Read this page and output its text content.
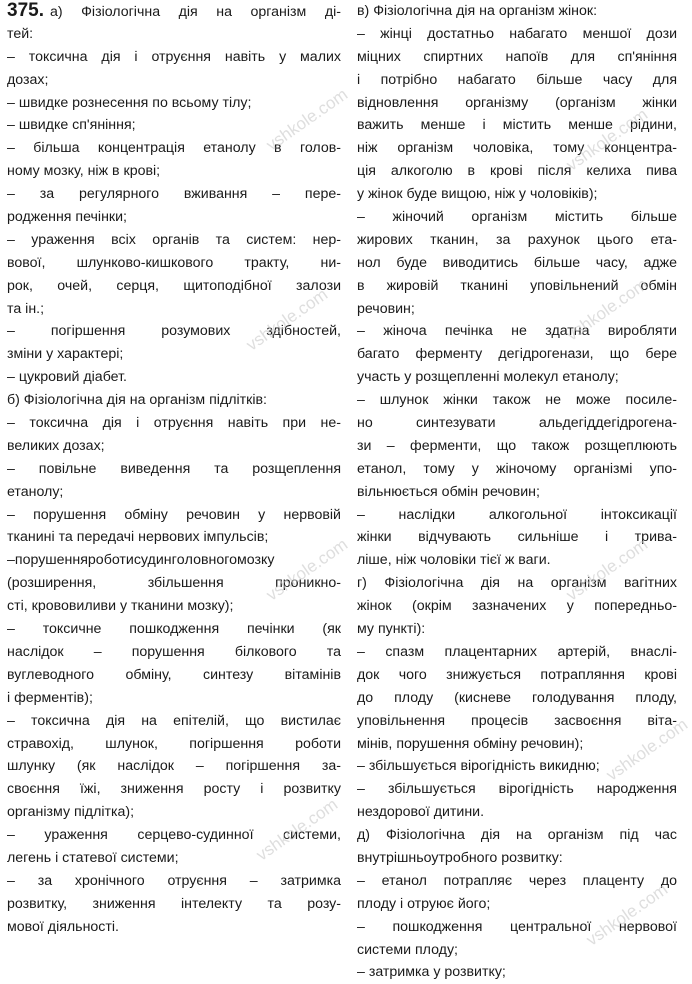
375. а) Фізіологічна дія на організм ді-
тей:
– токсична дія і отруєння навіть у малих
дозах;
– швидке рознесення по всьому тілу;
– швидке сп'яніння;
– більша концентрація етанолу в голов-
ному мозку, ніж в крові;
– за регулярного вживання – пере-
родження печінки;
– ураження всіх органів та систем: нер-
вової, шлунково-кишкового тракту, ни-
рок, очей, серця, щитоподібної залози
та ін.;
– погіршення розумових здібностей,
зміни у характері;
– цукровий діабет.
б) Фізіологічна дія на організм підлітків:
– токсична дія і отруєння навіть при не-
великих дозах;
– повільне виведення та розщеплення
етанолу;
– порушення обміну речовин у нервовій
тканині та передачі нервових імпульсів;
–порушенняроботисудингoловногомозку
(розширення, збільшення проникно-
сті, крововиливи у тканини мозку);
– токсичне пошкодження печінки (як
наслідок – порушення білкового та
вуглеводного обміну, синтезу вітамінів
і ферментів);
– токсична дія на епітелій, що вистилає
стравохід, шлунок, погіршення роботи
шлунку (як наслідок – погіршення за-
своєння їжі, зниження росту і розвитку
організму підлітка);
– ураження серцево-судинної системи,
легень і статевої системи;
– за хронічного отруєння – затримка
розвитку, зниження інтелекту та розу-
мової діяльності.
в) Фізіологічна дія на організм жінок:
– жінці достатньо набагато меншої дози
міцних спиртних напоїв для сп'яніння
і потрібно набагато більше часу для
відновлення організму (організм жінки
важить менше і містить менше рідини,
ніж організм чоловіка, тому концентра-
ція алкоголю в крові після келиха пива
у жінок буде вищою, ніж у чоловіків);
– жіночий організм містить більше
жирових тканин, за рахунок цього ета-
нол буде виводитись більше часу, адже
в жировій тканині уповільнений обмін
речовин;
– жіноча печінка не здатна виробляти
багато ферменту дегідрогенази, що бере
участь у розщепленні молекул етанолу;
– шлунок жінки також не може посиле-
но синтезувати альдегіддегідрогена-
зи – ферменти, що також розщеплюють
етанол, тому у жіночому організмі упо-
вільнюється обмін речовин;
– наслідки алкогольної інтоксикації
жінки відчувають сильніше і трива-
ліше, ніж чоловіки тієї ж ваги.
г) Фізіологічна дія на організм вагітних
жінок (окрім зазначених у попередньо-
му пункті):
– спазм плацентарних артерій, внаслі-
док чого знижується потрапляння крові
до плоду (кисневе голодування плоду,
уповільнення процесів засвоєння віта-
мінів, порушення обміну речовин);
– збільшується вірогідність викидню;
– збільшується вірогідність народження
нездорової дитини.
д) Фізіологічна дія на організм під час
внутрішньоутробного розвитку:
– етанол потрапляє через плаценту до
плоду і отруює його;
– пошкодження центральної нервової
системи плоду;
– затримка у розвитку;
vshkole.com	vshkole.com
vshkole.com	vshkole.com
vshkole.com	vshkole.com
vshkole.com
vshkole.com
vshkole.com
